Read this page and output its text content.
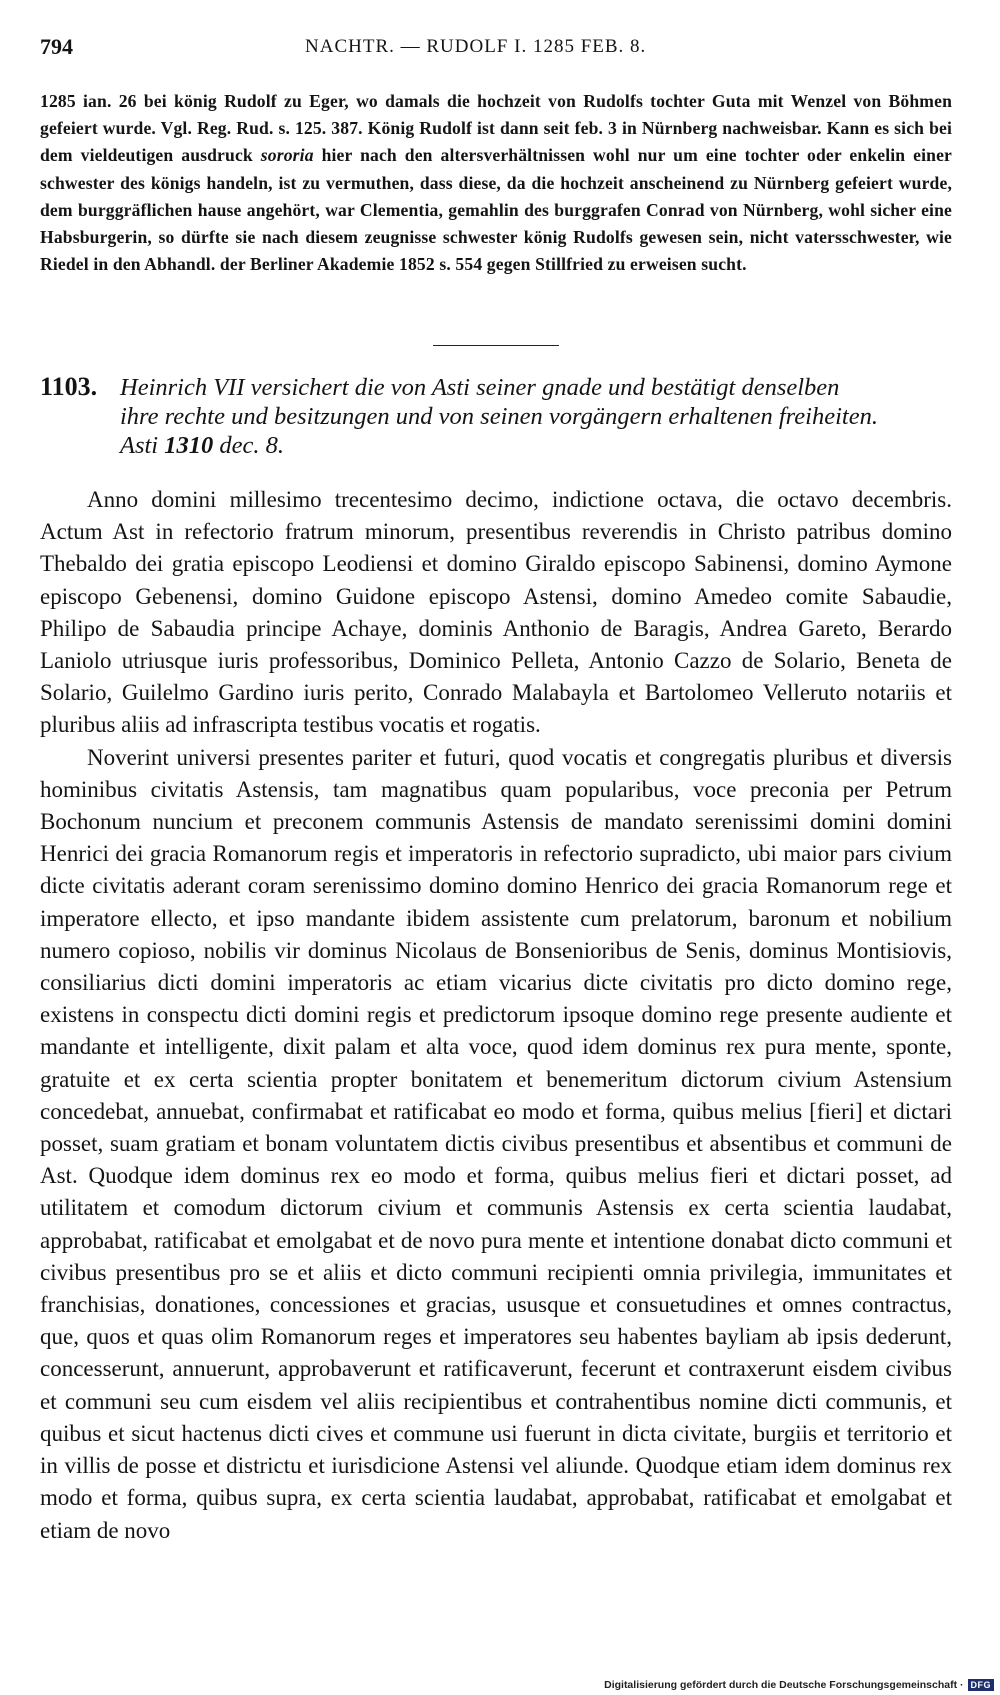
794	NACHTR. — RUDOLF I. 1285 FEB. 8.
1285 ian. 26 bei könig Rudolf zu Eger, wo damals die hochzeit von Rudolfs tochter Guta mit Wenzel von Böhmen gefeiert wurde. Vgl. Reg. Rud. s. 125. 387. König Rudolf ist dann seit feb. 3 in Nürnberg nachweisbar. Kann es sich bei dem vieldeutigen ausdruck sororia hier nach den altersverhältnissen wohl nur um eine tochter oder enkelin einer schwester des königs handeln, ist zu vermuthen, dass diese, da die hochzeit anscheinend zu Nürnberg gefeiert wurde, dem burggräflichen hause angehört, war Clementia, gemahlin des burggrafen Conrad von Nürnberg, wohl sicher eine Habsburgerin, so dürfte sie nach diesem zeugnisse schwester könig Rudolfs gewesen sein, nicht vatersschwester, wie Riedel in den Abhandl. der Berliner Akademie 1852 s. 554 gegen Stillfried zu erweisen sucht.
1103. Heinrich VII versichert die von Asti seiner gnade und bestätigt denselben
ihre rechte und besitzungen und von seinen vorgängern erhaltenen freiheiten.
Asti 1310 dec. 8.

Anno domini millesimo trecentesimo decimo, indictione octava, die octavo decembris. Actum Ast in refectorio fratrum minorum, presentibus reverendis in Christo patribus domino Thebaldo dei gratia episcopo Leodiensi et domino Giraldo episcopo Sabinensi, domino Aymone episcopo Gebenensi, domino Guidone episcopo Astensi, domino Amedeo comite Sabaudie, Philipo de Sabaudia principe Achaye, dominis Anthonio de Baragis, Andrea Gareto, Berardo Laniolo utriusque iuris professoribus, Dominico Pelleta, Antonio Cazzo de Solario, Beneta de Solario, Guilelmo Gardino iuris perito, Conrado Malabayla et Bartolomeo Velleruto notariis et pluribus aliis ad infrascripta testibus vocatis et rogatis.

Noverint universi presentes pariter et futuri, quod vocatis et congregatis pluribus et diversis hominibus civitatis Astensis, tam magnatibus quam popularibus, voce preconia per Petrum Bochonum nuncium et preconem communis Astensis de mandato serenissimi domini domini Henrici dei gracia Romanorum regis et imperatoris in refectorio supradicto, ubi maior pars civium dicte civitatis aderant coram serenissimo domino domino Henrico dei gracia Romanorum rege et imperatore ellecto, et ipso mandante ibidem assistente cum prelatorum, baronum et nobilium numero copioso, nobilis vir dominus Nicolaus de Bonsenioribus de Senis, dominus Montisiovis, consiliarius dicti domini imperatoris ac etiam vicarius dicte civitatis pro dicto domino rege, existens in conspectu dicti domini regis et predictorum ipsoque domino rege presente audiente et mandante et intelligente, dixit palam et alta voce, quod idem dominus rex pura mente, sponte, gratuite et ex certa scientia propter bonitatem et benemeritum dictorum civium Astensium concedebat, annuebat, confirmabat et ratificabat eo modo et forma, quibus melius [fieri] et dictari posset, suam gratiam et bonam voluntatem dictis civibus presentibus et absentibus et communi de Ast. Quodque idem dominus rex eo modo et forma, quibus melius fieri et dictari posset, ad utilitatem et comodum dictorum civium et communis Astensis ex certa scientia laudabat, approbabat, ratificabat et emolgabat et de novo pura mente et intentione donabat dicto communi et civibus presentibus pro se et aliis et dicto communi recipienti omnia privilegia, immunitates et franchisias, donationes, concessiones et gracias, ususque et consuetudines et omnes contractus, que, quos et quas olim Romanorum reges et imperatores seu habentes bayliam ab ipsis dederunt, concesserunt, annuerunt, approbaverunt et ratificaverunt, fecerunt et contraxerunt eisdem civibus et communi seu cum eisdem vel aliis recipientibus et contrahentibus nomine dicti communis, et quibus et sicut hactenus dicti cives et commune usi fuerunt in dicta civitate, burgiis et territorio et in villis de posse et districtu et iurisdicione Astensi vel aliunde. Quodque etiam idem dominus rex modo et forma, quibus supra, ex certa scientia laudabat, approbabat, ratificabat et emolgabat et etiam de novo

Digitalisierung gefördert durch die Deutsche Forschungsgemeinschaft · DFG
